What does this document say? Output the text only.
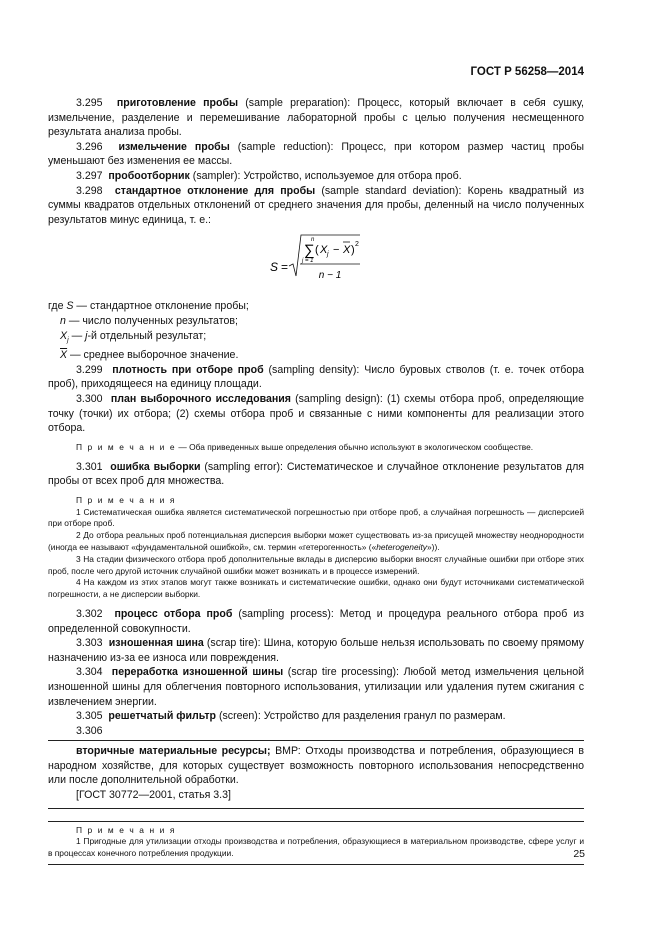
ГОСТ Р 56258—2014

3.295 приготовление пробы (sample preparation): Процесс, который включает в себя сушку, измельчение, разделение и перемешивание лабораторной пробы с целью получения несмещенного результата анализа пробы.

3.296 измельчение пробы (sample reduction): Процесс, при котором размер частиц пробы уменьшают без изменения ее массы.

3.297 пробоотборник (sampler): Устройство, используемое для отбора проб.

3.298 стандартное отклонение для пробы (sample standard deviation): Корень квадратный из суммы квадратов отдельных отклонений от среднего значения для пробы, деленный на число полученных результатов минус единица, т. е.:

S =
n
∑
j = 1
( X j − X ) 2
n − 1

где S — стандартное отклонение пробы;

n — число полученных результатов;

$X_j$ — j-й отдельный результат;

$\overline{X}$ — среднее выборочное значение.

3.299 плотность при отборе проб (sampling density): Число буровых стволов (т. е. точек отбора проб), приходящееся на единицу площади.

3.300 план выборочного исследования (sampling design): (1) схемы отбора проб, определяющие точку (точки) их отбора; (2) схемы отбора проб и связанные с ними компоненты для реализации этого отбора.

П р и м е ч а н и е — Оба приведенных выше определения обычно используют в экологическом сообществе.

3.301 ошибка выборки (sampling error): Систематическое и случайное отклонение результатов для пробы от всех проб для множества.

П р и м е ч а н и я

1 Систематическая ошибка является систематической погрешностью при отборе проб, а случайная погрешность — дисперсией при отборе проб.

2 До отбора реальных проб потенциальная дисперсия выборки может существовать из-за присущей множеству неоднородности (иногда ее называют «фундаментальной ошибкой», см. термин «гетерогенность» («heterogeneity»)).

3 На стадии физического отбора проб дополнительные вклады в дисперсию выборки вносят случайные ошибки при отборе этих проб, после чего другой источник случайной ошибки может возникать и в процессе измерений.

4 На каждом из этих этапов могут также возникать и систематические ошибки, однако они будут источниками систематической погрешности, а не дисперсии выборки.

3.302 процесс отбора проб (sampling process): Метод и процедура реального отбора проб из определенной совокупности.

3.303 изношенная шина (scrap tire): Шина, которую больше нельзя использовать по своему прямому назначению из-за ее износа или повреждения.

3.304 переработка изношенной шины (scrap tire processing): Любой метод измельчения цельной изношенной шины для облегчения повторного использования, утилизации или удаления путем сжигания с извлечением энергии.

3.305 решетчатый фильтр (screen): Устройство для разделения гранул по размерам.

3.306

вторичные материальные ресурсы; ВМР: Отходы производства и потребления, образующиеся в народном хозяйстве, для которых существует возможность повторного использования непосредственно или после дополнительной обработки.

[ГОСТ 30772—2001, статья 3.3]

П р и м е ч а н и я

1 Пригодные для утилизации отходы производства и потребления, образующиеся в материальном производстве, сфере услуг и в процессах конечного потребления продукции.	25
